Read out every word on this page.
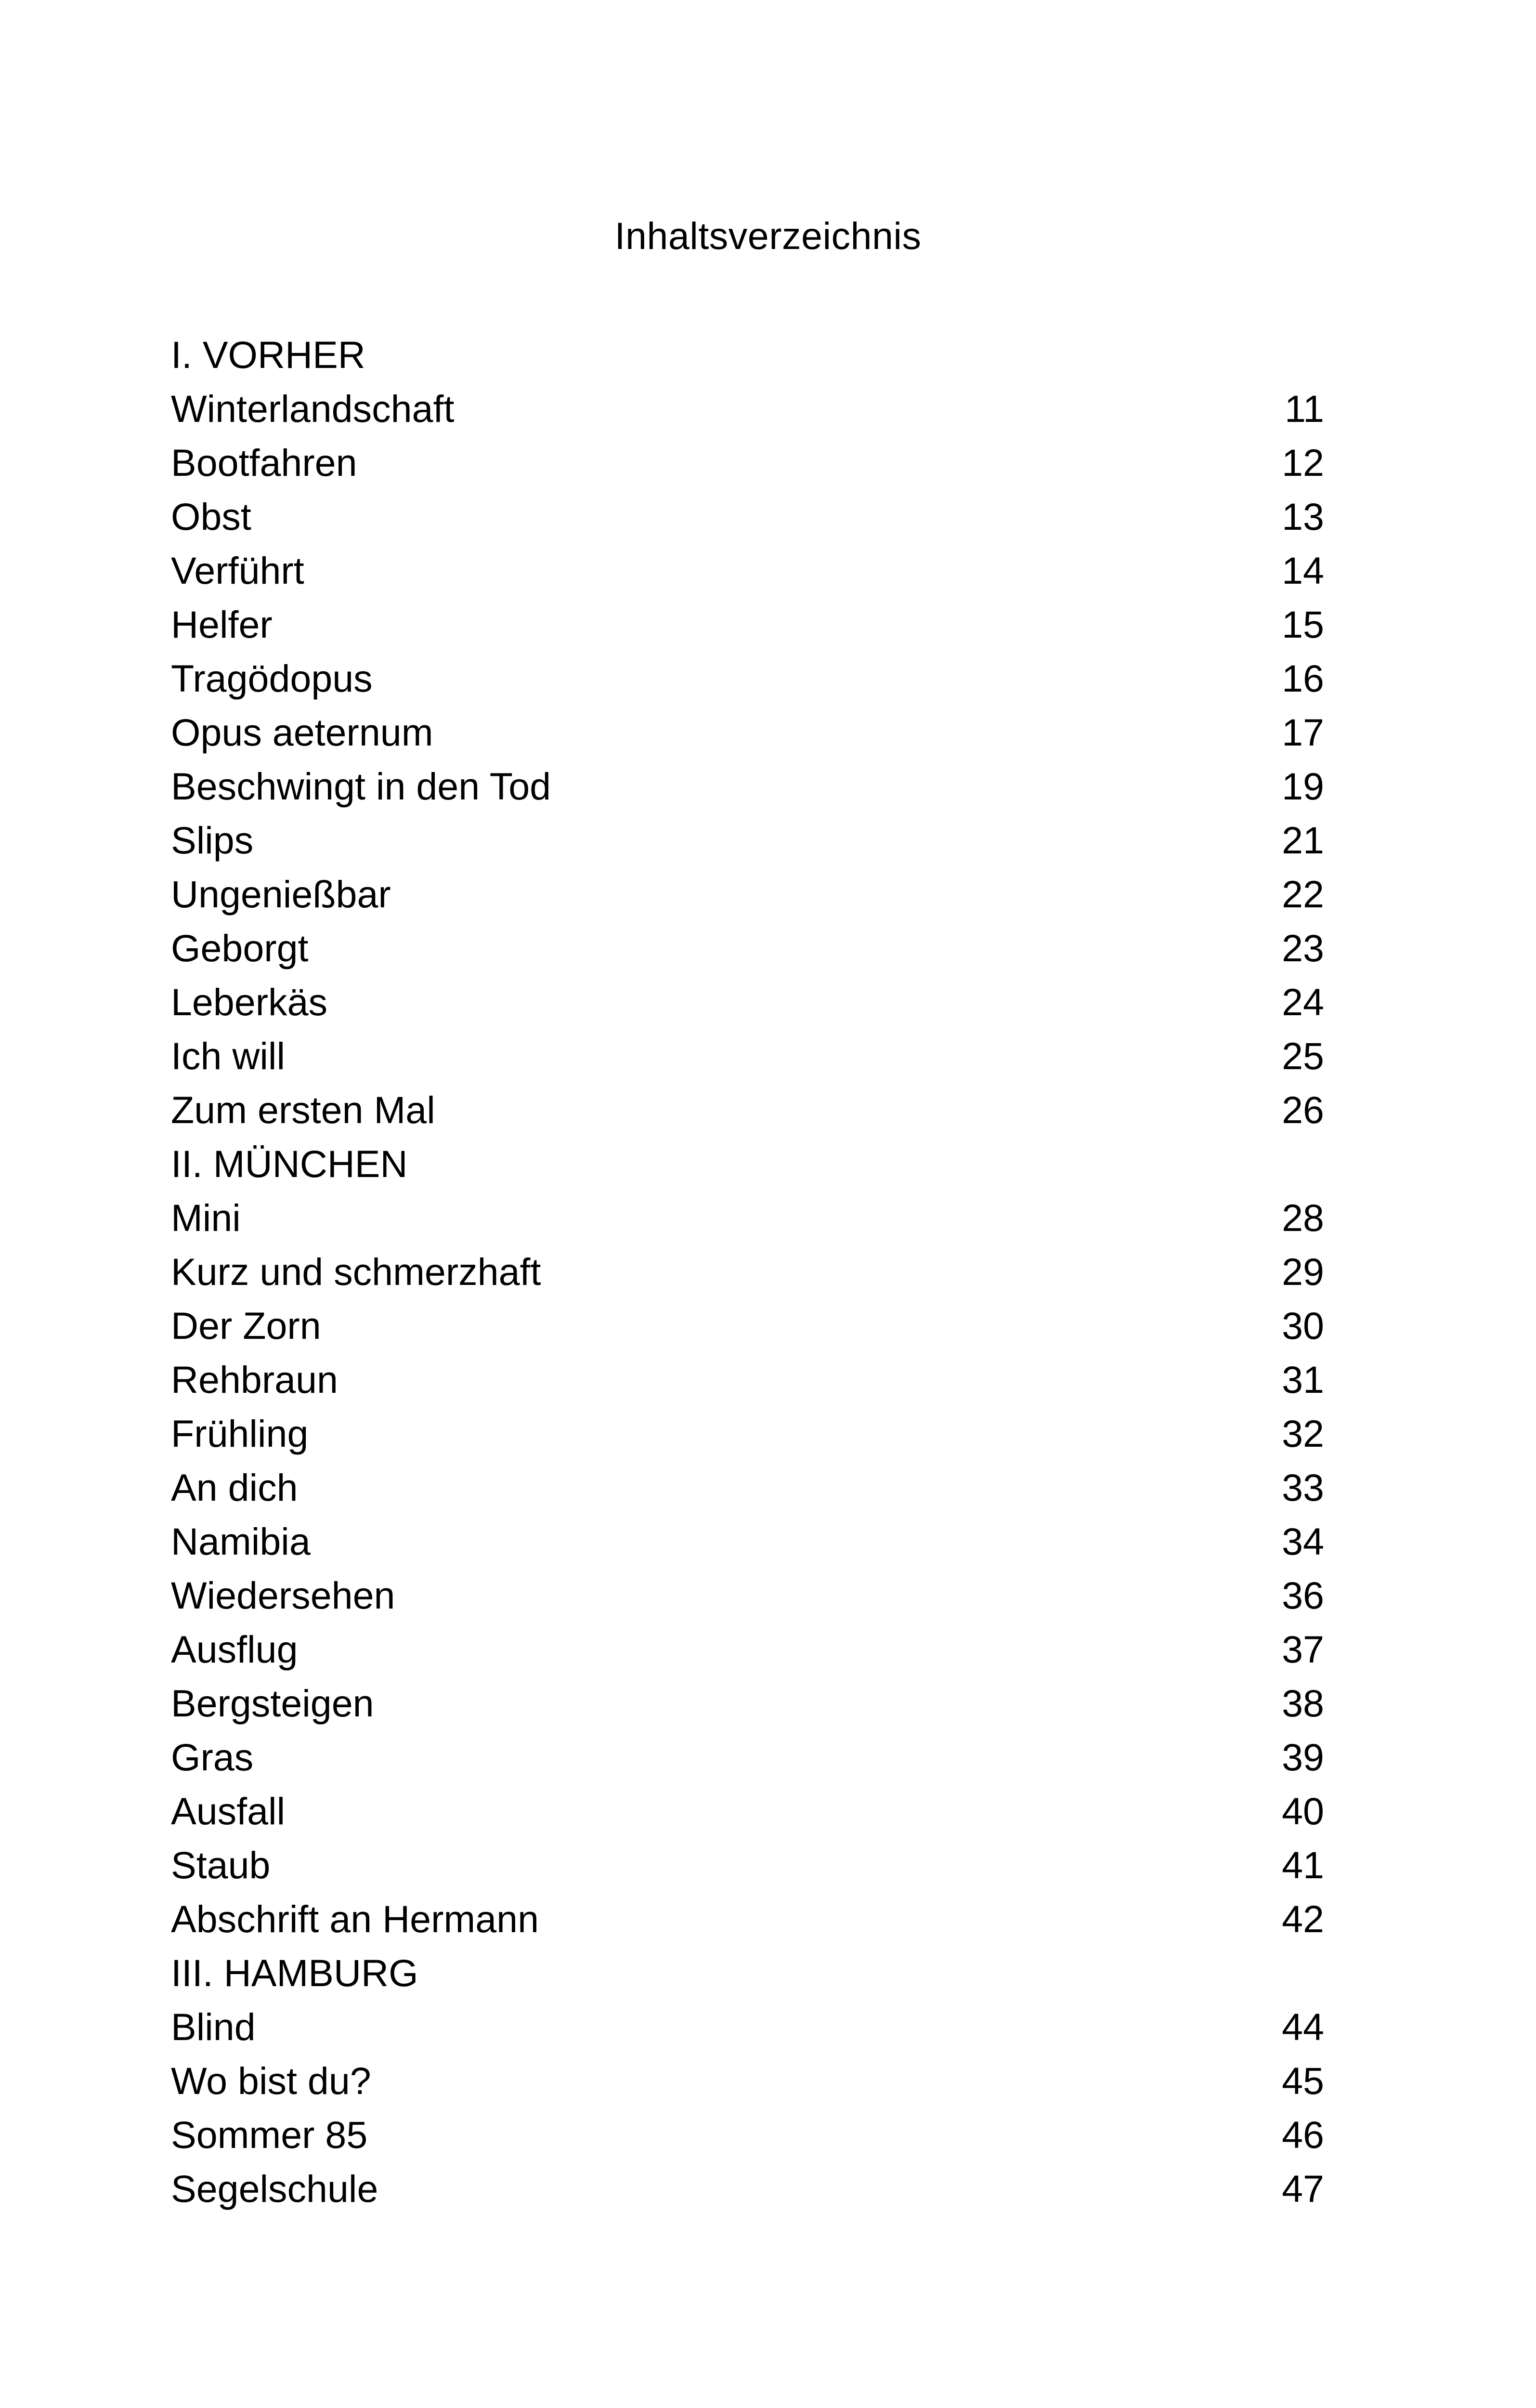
Inhaltsverzeichnis
I. VORHER
Winterlandschaft	11
Bootfahren	12
Obst	13
Verführt	14
Helfer	15
Tragödopus	16
Opus aeternum	17
Beschwingt in den Tod	19
Slips	21
Ungenießbar	22
Geborgt	23
Leberkäs	24
Ich will	25
Zum ersten Mal	26
II. MÜNCHEN
Mini	28
Kurz und schmerzhaft	29
Der Zorn	30
Rehbraun	31
Frühling	32
An dich	33
Namibia	34
Wiedersehen	36
Ausflug	37
Bergsteigen	38
Gras	39
Ausfall	40
Staub	41
Abschrift an Hermann	42
III. HAMBURG
Blind	44
Wo bist du?	45
Sommer 85	46
Segelschule	47
